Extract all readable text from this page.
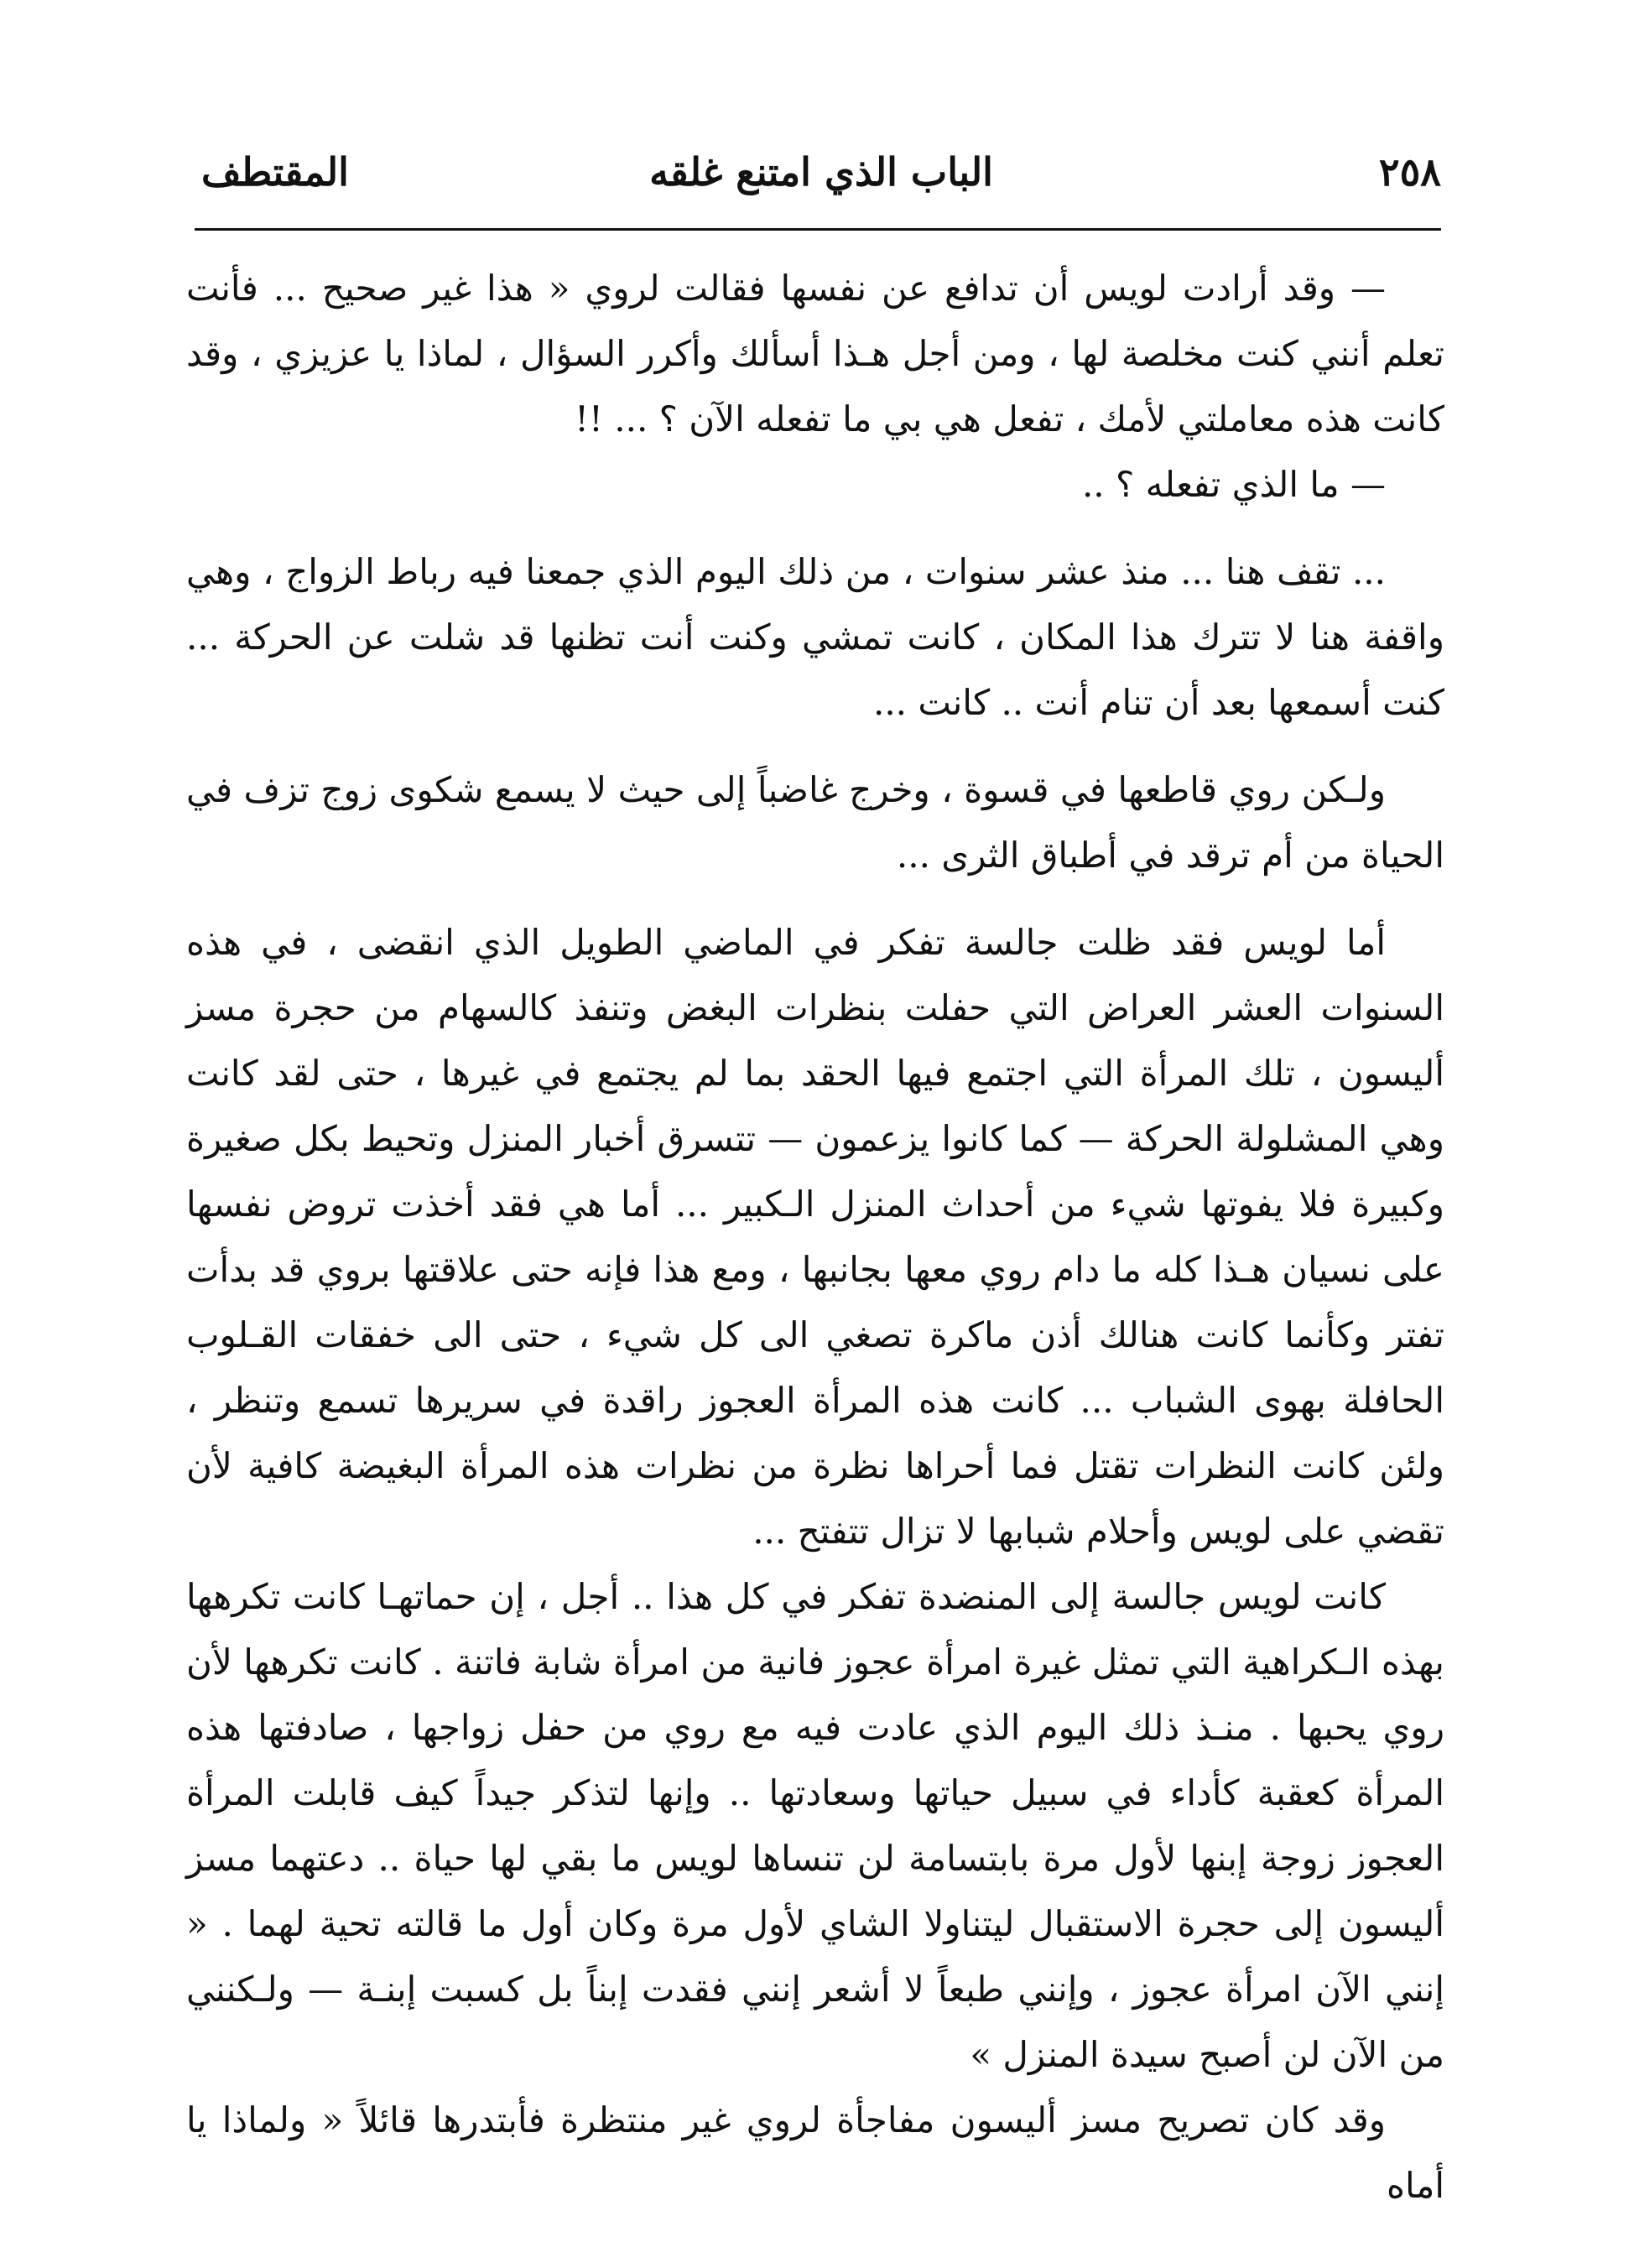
٢٥٨
الباب الذي امتنع غلقه
المقتطف

— وقد أرادت لويس أن تدافع عن نفسها فقالت لروي « هذا غير صحيح ... فأنت تعلم أنني كنت مخلصة لها ، ومن أجل هـذا أسألك وأكرر السؤال ، لماذا يا عزيزي ، وقد كانت هذه معاملتي لأمك ، تفعل هي بي ما تفعله الآن ؟ ... !!

— ما الذي تفعله ؟ ..

... تقف هنا ... منذ عشر سنوات ، من ذلك اليوم الذي جمعنا فيه رباط الزواج ، وهي واقفة هنا لا تترك هذا المكان ، كانت تمشي وكنت أنت تظنها قد شلت عن الحركة ... كنت أسمعها بعد أن تنام أنت .. كانت ...

ولـكن روي قاطعها في قسوة ، وخرج غاضباً إلى حيث لا يسمع شكوى زوج تزف في الحياة من أم ترقد في أطباق الثرى ...

أما لويس فقد ظلت جالسة تفكر في الماضي الطويل الذي انقضى ، في هذه السنوات العشر العراض التي حفلت بنظرات البغض وتنفذ كالسهام من حجرة مسز أليسون ، تلك المرأة التي اجتمع فيها الحقد بما لم يجتمع في غيرها ، حتى لقد كانت وهي المشلولة الحركة — كما كانوا يزعمون — تتسرق أخبار المنزل وتحيط بكل صغيرة وكبيرة فلا يفوتها شيء من أحداث المنزل الـكبير ... أما هي فقد أخذت تروض نفسها على نسيان هـذا كله ما دام روي معها بجانبها ، ومع هذا فإنه حتى علاقتها بروي قد بدأت تفتر وكأنما كانت هنالك أذن ماكرة تصغي الى كل شيء ، حتى الى خفقات القـلوب الحافلة بهوى الشباب ... كانت هذه المرأة العجوز راقدة في سريرها تسمع وتنظر ، ولئن كانت النظرات تقتل فما أحراها نظرة من نظرات هذه المرأة البغيضة كافية لأن تقضي على لويس وأحلام شبابها لا تزال تتفتح ...

كانت لويس جالسة إلى المنضدة تفكر في كل هذا .. أجل ، إن حماتهـا كانت تكرهها بهذه الـكراهية التي تمثل غيرة امرأة عجوز فانية من امرأة شابة فاتنة . كانت تكرهها لأن روي يحبها . منـذ ذلك اليوم الذي عادت فيه مع روي من حفل زواجها ، صادفتها هذه المرأة كعقبة كأداء في سبيل حياتها وسعادتها .. وإنها لتذكر جيداً كيف قابلت المرأة العجوز زوجة إبنها لأول مرة بابتسامة لن تنساها لويس ما بقي لها حياة .. دعتهما مسز أليسون إلى حجرة الاستقبال ليتناولا الشاي لأول مرة وكان أول ما قالته تحية لهما . « إنني الآن امرأة عجوز ، وإنني طبعاً لا أشعر إنني فقدت إبناً بل كسبت إبنـة — ولـكنني من الآن لن أصبح سيدة المنزل »

وقد كان تصريح مسز أليسون مفاجأة لروي غير منتظرة فأبتدرها قائلاً « ولماذا يا أماه
